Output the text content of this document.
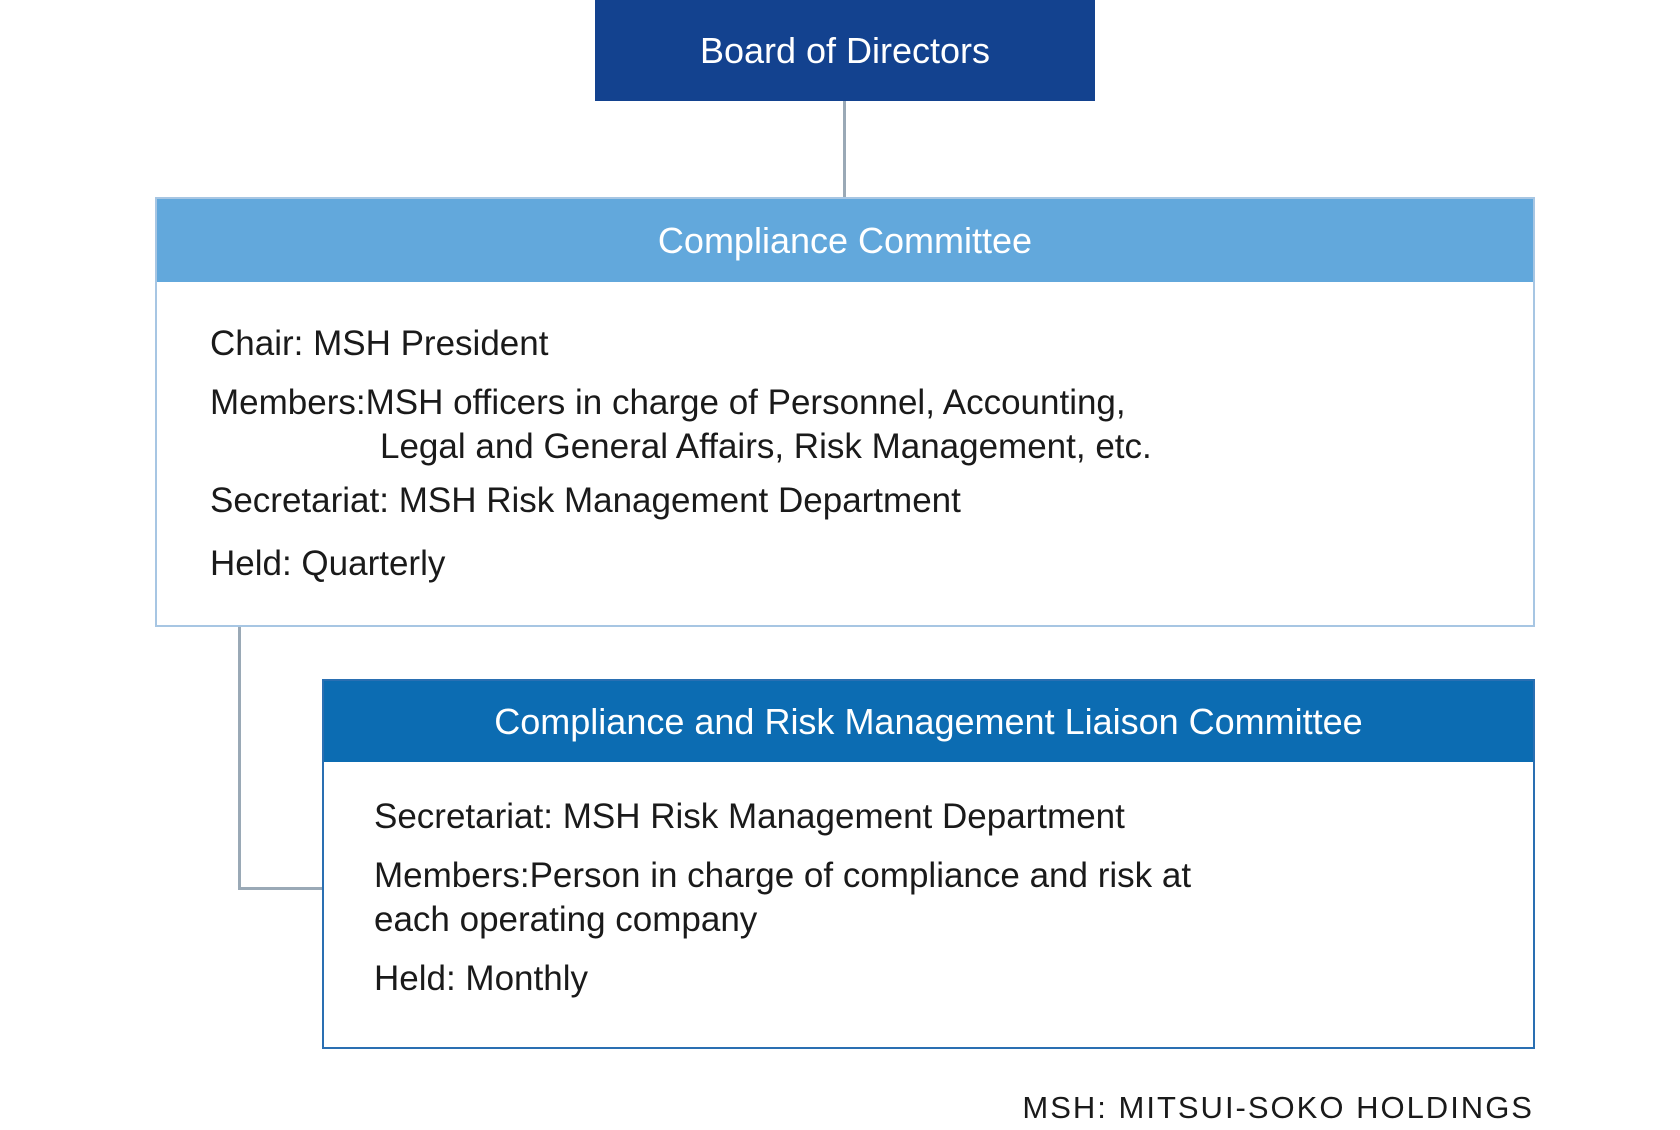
Board of Directors
Compliance Committee
Chair: MSH President
Members:MSH officers in charge of Personnel, Accounting,
Legal and General Affairs, Risk Management, etc.
Secretariat: MSH Risk Management Department
Held: Quarterly
Compliance and Risk Management Liaison Committee
Secretariat: MSH Risk Management Department
Members:Person in charge of compliance and risk at
each operating company
Held: Monthly
MSH: MITSUI-SOKO HOLDINGS
